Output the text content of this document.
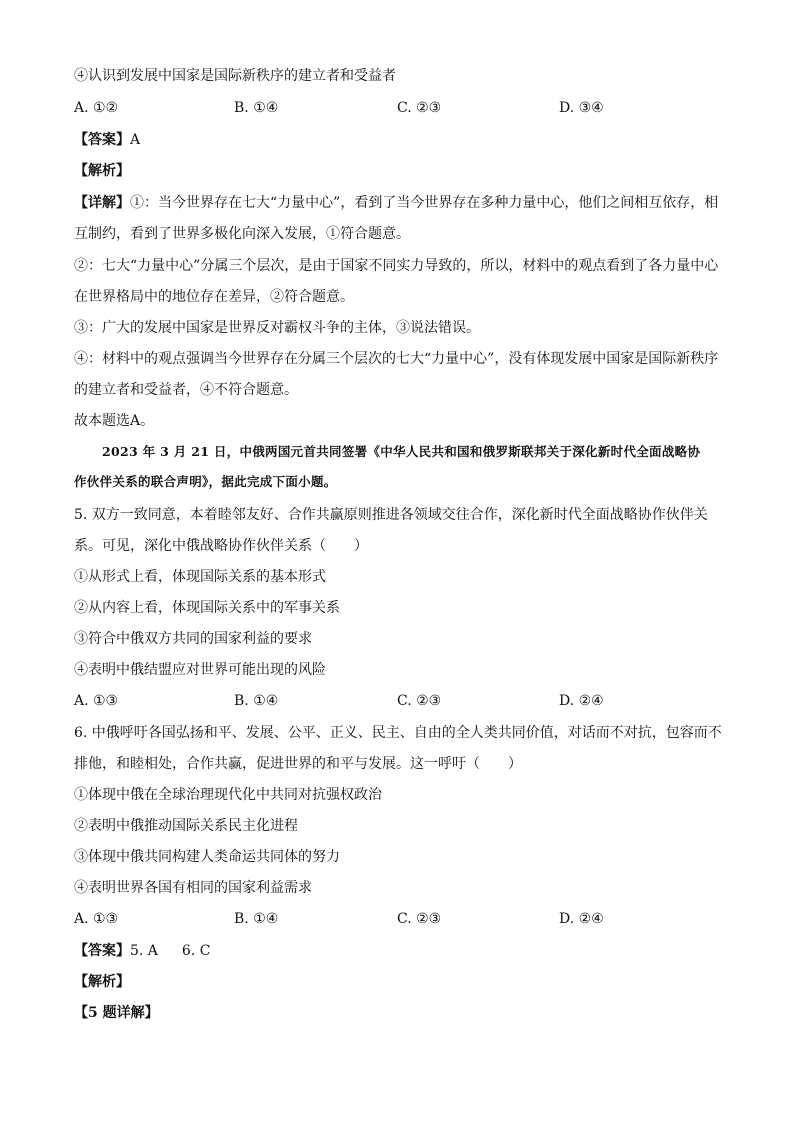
④认识到发展中国家是国际新秩序的建立者和受益者
A. ①②	B. ①④	C. ②③	D. ③④
【答案】A
【解析】
【详解】①：当今世界存在七大“力量中心”，看到了当今世界存在多种力量中心，他们之间相互依存，相
互制约，看到了世界多极化向深入发展，①符合题意。
②：七大“力量中心”分属三个层次，是由于国家不同实力导致的，所以，材料中的观点看到了各力量中心
在世界格局中的地位存在差异，②符合题意。
③：广大的发展中国家是世界反对霸权斗争的主体，③说法错误。
④：材料中的观点强调当今世界存在分属三个层次的七大“力量中心”，没有体现发展中国家是国际新秩序
的建立者和受益者，④不符合题意。
故本题选A。
2023 年 3 月 21 日，中俄两国元首共同签署《中华人民共和国和俄罗斯联邦关于深化新时代全面战略协
作伙伴关系的联合声明》，据此完成下面小题。
5. 双方一致同意，本着睦邻友好、合作共赢原则推进各领域交往合作，深化新时代全面战略协作伙伴关
系。可见，深化中俄战略协作伙伴关系（　　）
①从形式上看，体现国际关系的基本形式
②从内容上看，体现国际关系中的军事关系
③符合中俄双方共同的国家利益的要求
④表明中俄结盟应对世界可能出现的风险
A. ①③	B. ①④	C. ②③	D. ②④
6. 中俄呼吁各国弘扬和平、发展、公平、正义、民主、自由的全人类共同价值，对话而不对抗，包容而不
排他，和睦相处，合作共赢，促进世界的和平与发展。这一呼吁（　　）
①体现中俄在全球治理现代化中共同对抗强权政治
②表明中俄推动国际关系民主化进程
③体现中俄共同构建人类命运共同体的努力
④表明世界各国有相同的国家利益需求
A. ①③	B. ①④	C. ②③	D. ②④
【答案】5. A 6. C
【解析】
【5 题详解】
